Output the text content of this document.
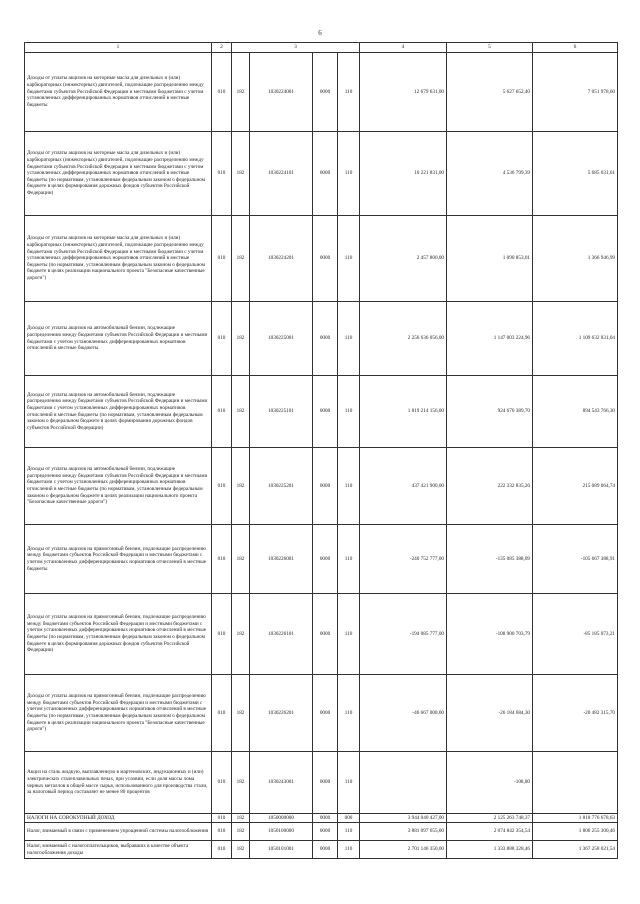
6
1	2	3				4	5	6
Доходы от уплаты акцизов на моторные масла для дизельных и (или) карбюраторных (инжекторных) двигателей, подлежащие распределению между бюджетами субъектов Российской Федерации и местными бюджетами с учетом установленных дифференцированных нормативов отчислений в местные бюджеты	010	182	1030224001	0000	110	12 679 631,00	5 627 652,40	7 051 978,60
Доходы от уплаты акцизов на моторные масла для дизельных и (или) карбюраторных (инжекторных) двигателей, подлежащие распределению между бюджетами субъектов Российской Федерации и местными бюджетами с учетом установленных дифференцированных нормативов отчислений в местные бюджеты (по нормативам, установленным федеральным законом о федеральном бюджете в целях формирования дорожных фондов субъектов Российской Федерации)	010	182	1030224101	0000	110	10 221 831,00	4 536 799,39	5 685 031,61
Доходы от уплаты акцизов на моторные масла для дизельных и (или) карбюраторных (инжекторных) двигателей, подлежащие распределению между бюджетами субъектов Российской Федерации и местными бюджетами с учетом установленных дифференцированных нормативов отчислений в местные бюджеты (по нормативам, установленным федеральным законом о федеральном бюджете в целях реализации национального проекта "Безопасные качественные дороги")	010	182	1030224201	0000	110	2 457 800,00	1 090 853,01	1 366 946,99
Доходы от уплаты акцизов на автомобильный бензин, подлежащие распределению между бюджетами субъектов Российской Федерации и местными бюджетами с учетом установленных дифференцированных нормативов отчислений в местные бюджеты	010	182	1030225001	0000	110	2 256 636 056,00	1 147 003 224,96	1 109 632 831,04
Доходы от уплаты акцизов на автомобильный бензин, подлежащие распределению между бюджетами субъектов Российской Федерации и местными бюджетами с учетом установленных дифференцированных нормативов отчислений в местные бюджеты (по нормативам, установленным федеральным законом о федеральном бюджете в целях формирования дорожных фондов субъектов Российской Федерации)	010	182	1030225101	0000	110	1 819 214 156,00	924 670 389,70	894 543 766,30
Доходы от уплаты акцизов на автомобильный бензин, подлежащие распределению между бюджетами субъектов Российской Федерации и местными бюджетами с учетом установленных дифференцированных нормативов отчислений в местные бюджеты (по нормативам, установленным федеральным законом о федеральном бюджете в целях реализации национального проекта "Безопасные качественные дороги")	010	182	1030225201	0000	110	437 421 900,00	222 332 835,26	215 089 064,74
Доходы от уплаты акцизов на прямогонный бензин, подлежащие распределению между бюджетами субъектов Российской Федерации и местными бюджетами с учетом установленных дифференцированных нормативов отчислений в местные бюджеты	010	182	1030226001	0000	110	-240 752 777,00	-135 085 388,09	-105 667 388,91
Доходы от уплаты акцизов на прямогонный бензин, подлежащие распределению между бюджетами субъектов Российской Федерации и местными бюджетами с учетом установленных дифференцированных нормативов отчислений в местные бюджеты (по нормативам, установленным федеральным законом о федеральном бюджете в целях формирования дорожных фондов субъектов Российской Федерации)	010	182	1030226101	0000	110	-194 085 777,00	-108 900 703,79	-85 185 073,21
Доходы от уплаты акцизов на прямогонный бензин, подлежащие распределению между бюджетами субъектов Российской Федерации и местными бюджетами с учетом установленных дифференцированных нормативов отчислений в местные бюджеты (по нормативам, установленным федеральным законом о федеральном бюджете в целях реализации национального проекта "Безопасные качественные дороги")	010	182	1030226201	0000	110	-46 667 000,00	-26 184 684,30	-20 482 315,70
Акциз на сталь жидкую, выплавленную в мартеновских, индукционных и (или) электрических сталеплавильных печах, при условии, если доля массы лома черных металлов в общей массе сырья, использованного для производства стали, за налоговый период составляет не менее 80 процентов	010	182	1030243001	0000	110		-108,80	
НАЛОГИ НА СОВОКУПНЫЙ ДОХОД	010	182	1050000000	0000	000	3 944 040 427,00	2 125 263 748,37	1 818 776 678,63
Налог, взимаемый в связи с применением упрощенной системы налогообложения	010	182	1050100000	0000	110	3 881 097 655,00	2 074 842 354,54	1 806 255 300,46
Налог, взимаемый с налогоплательщиков, выбравших в качестве объекта налогообложения доходы	010	182	1050101001	0000	110	2 701 146 350,00	1 333 888 328,46	1 367 258 021,54
